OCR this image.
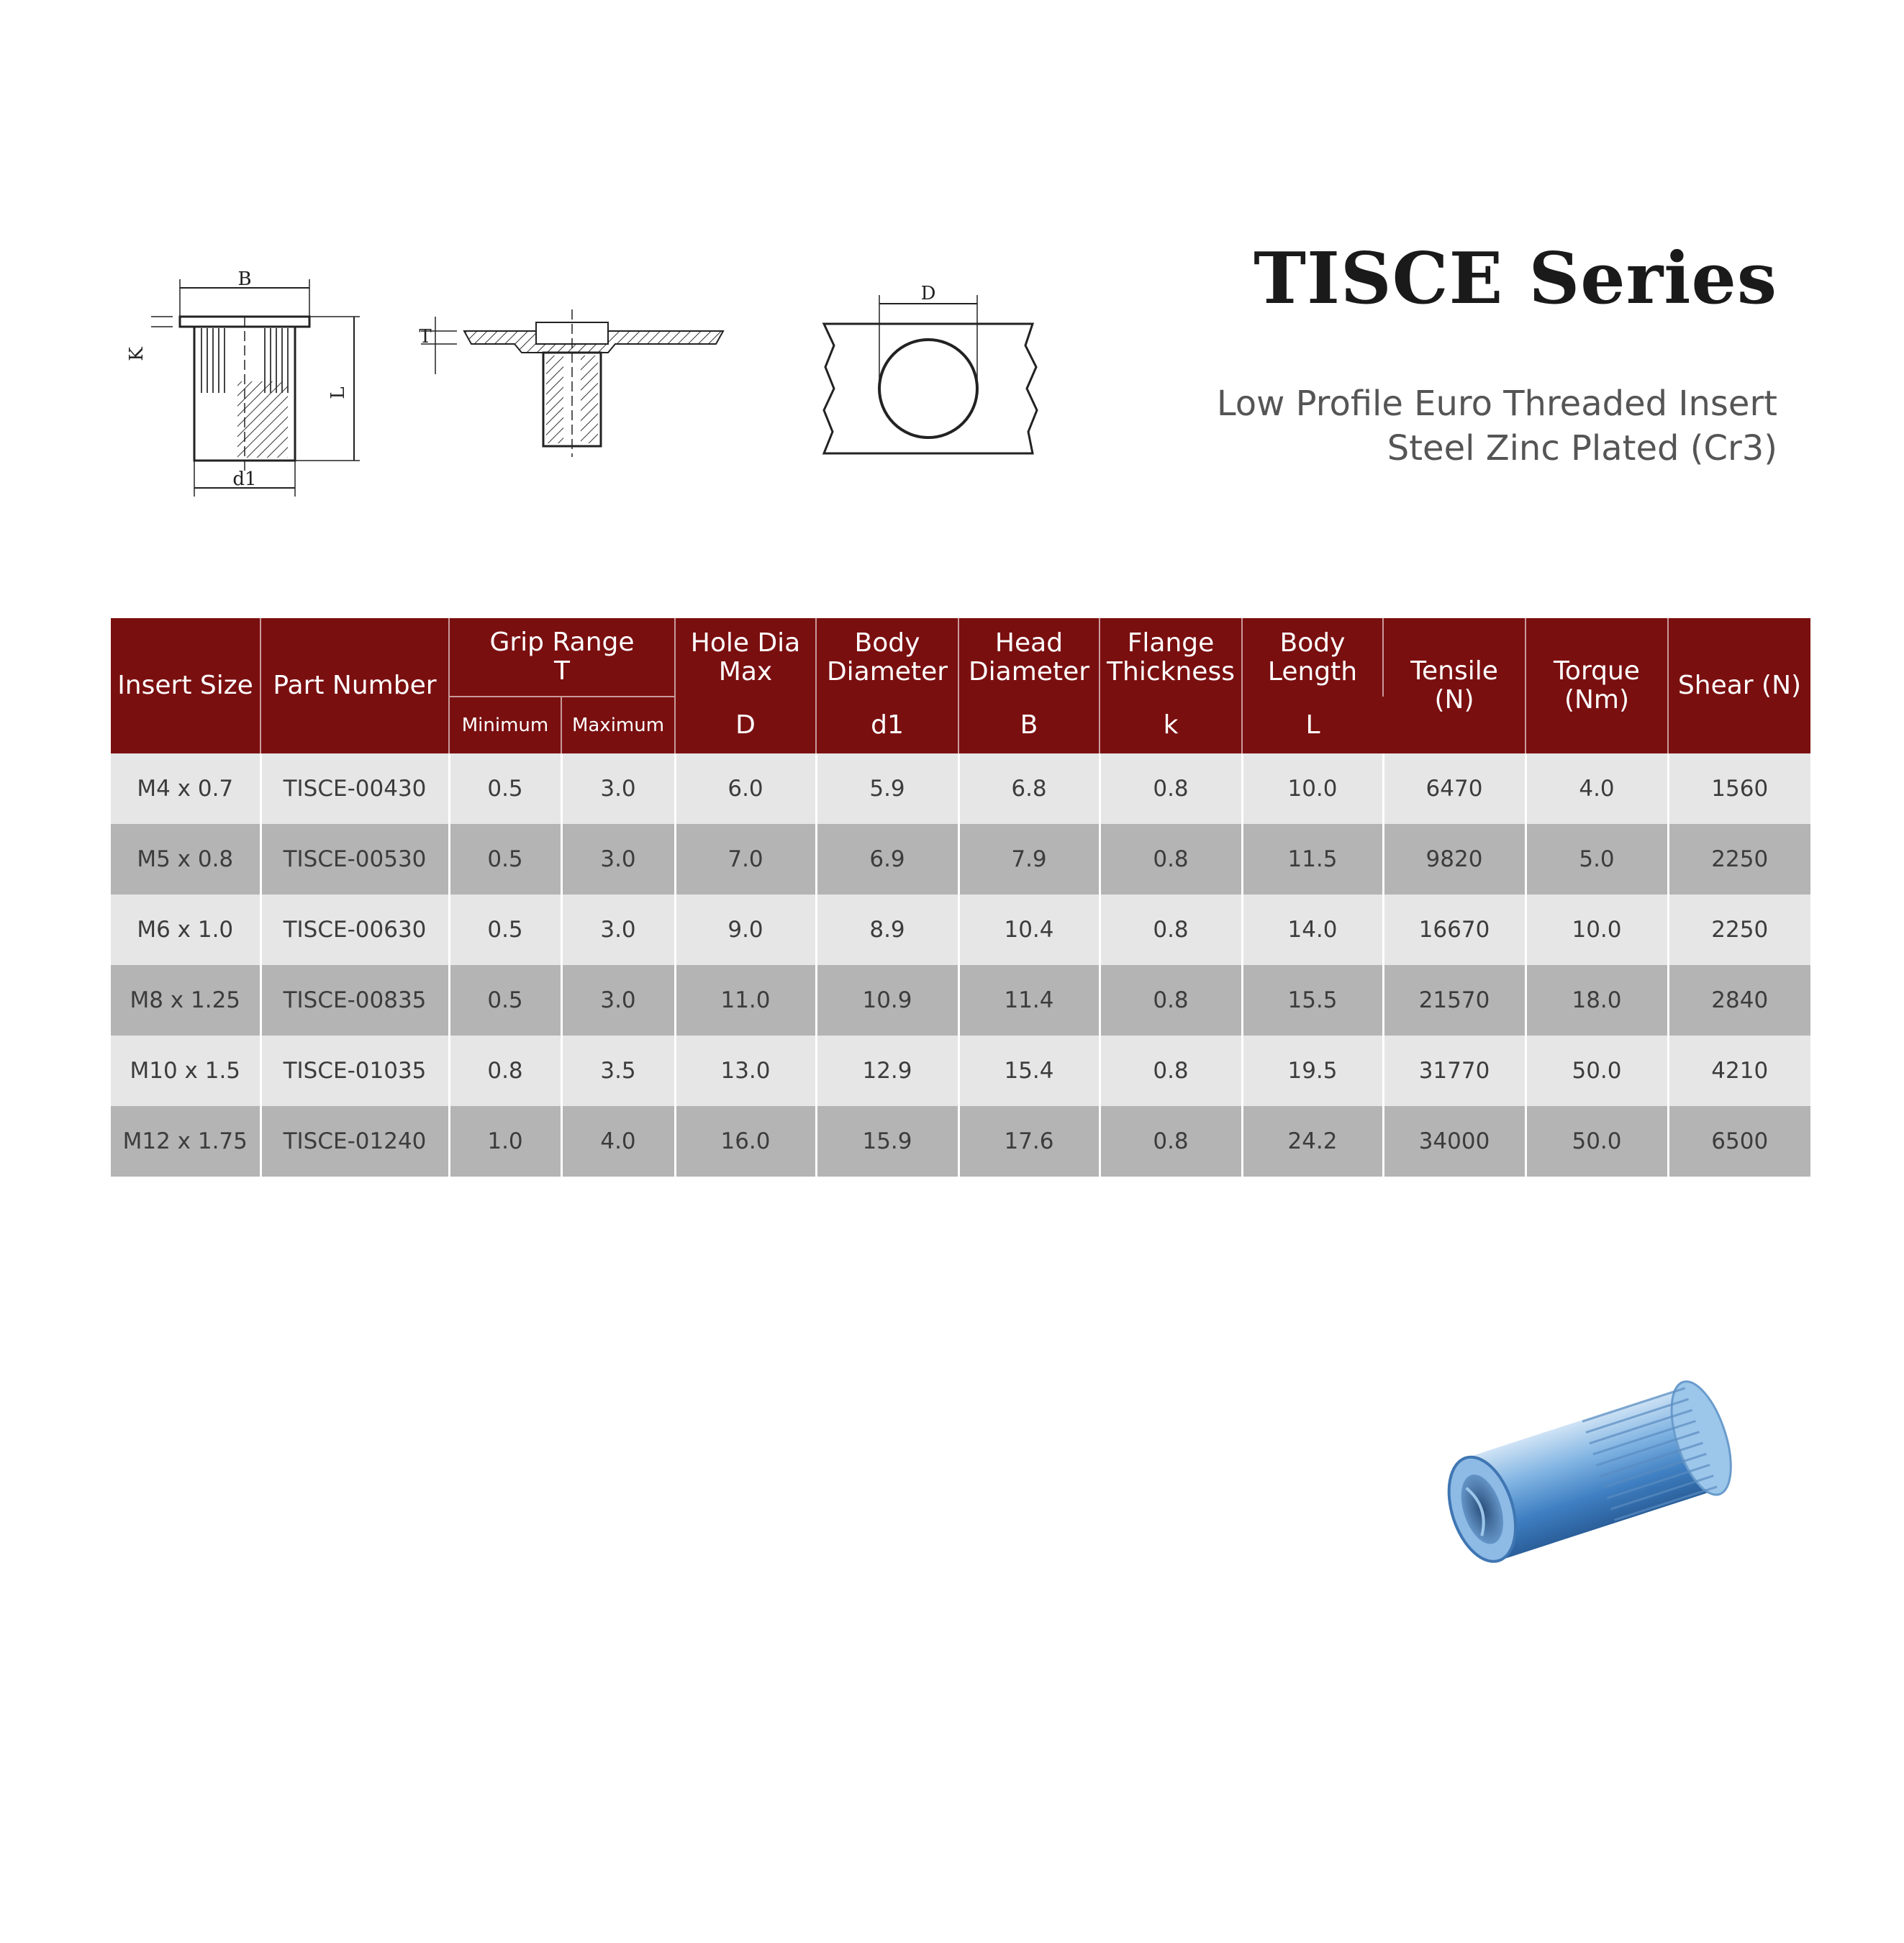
TISCE Series
Low Profile Euro Threaded Insert
Steel Zinc Plated (Cr3)
B
K
L
d1
T
D
Insert Size	Part Number	Grip Range
T		Hole Dia Max	Body Diameter	Head Diameter	Flange Thickness	Body Length	Tensile (N)	Torque (Nm)	Shear (N)
		Minimum	Maximum	D	d1	B	k	L			
M4 x 0.7	TISCE-00430	0.5	3.0	6.0	5.9	6.8	0.8	10.0	6470	4.0	1560
M5 x 0.8	TISCE-00530	0.5	3.0	7.0	6.9	7.9	0.8	11.5	9820	5.0	2250
M6 x 1.0	TISCE-00630	0.5	3.0	9.0	8.9	10.4	0.8	14.0	16670	10.0	2250
M8 x 1.25	TISCE-00835	0.5	3.0	11.0	10.9	11.4	0.8	15.5	21570	18.0	2840
M10 x 1.5	TISCE-01035	0.8	3.5	13.0	12.9	15.4	0.8	19.5	31770	50.0	4210
M12 x 1.75	TISCE-01240	1.0	4.0	16.0	15.9	17.6	0.8	24.2	34000	50.0	6500
